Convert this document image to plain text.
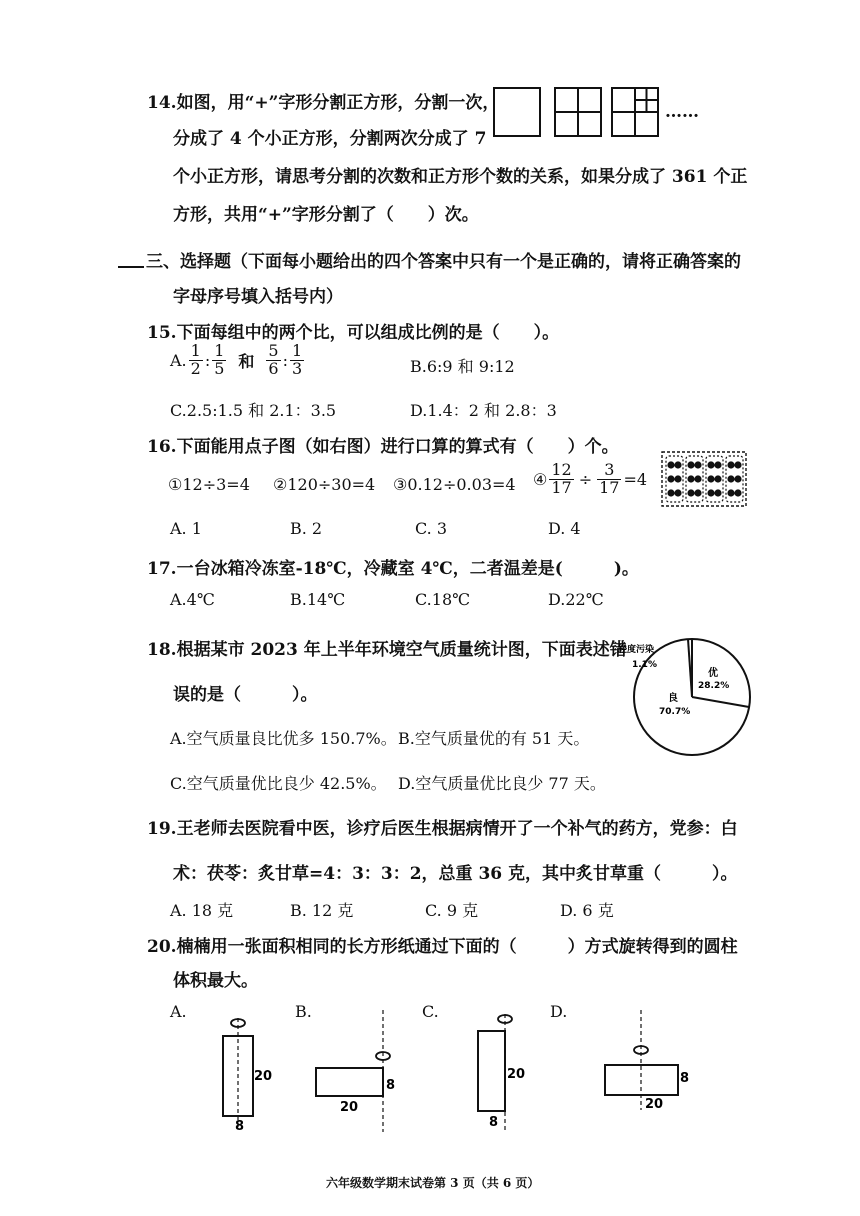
14.如图，用“+”字形分割正方形，分割一次，
分成了 4 个小正方形，分割两次分成了 7
个小正方形，请思考分割的次数和正方形个数的关系，如果分成了 361 个正
方形，共用“+”字形分割了（　　）次。
……
三、选择题（下面每小题给出的四个答案中只有一个是正确的，请将正确答案的
字母序号填入括号内）
15.下面每组中的两个比，可以组成比例的是（　　）。
A. $\frac{1}{2}$ : $\frac{1}{5}$ 和 $\frac{5}{6}$ : $\frac{1}{3}$	B.6:9 和 9:12
C.2.5:1.5 和 2.1：3.5	D.1.4：2 和 2.8：3
16.下面能用点子图（如右图）进行口算的算式有（　　）个。
①12÷3=4 ②120÷30=4 ③0.12÷0.03=4 ④ $\frac{12}{17} \div \frac{3}{17} =4$
A. 1	B. 2	C. 3	D. 4
17.一台冰箱冷冻室-18℃，冷藏室 4℃，二者温差是(　　　)。
A.4℃	B.14℃	C.18℃	D.22℃
18.根据某市 2023 年上半年环境空气质量统计图，下面表述错
误的是（　　　）。
A.空气质量良比优多 150.7%。 B.空气质量优的有 51 天。
C.空气质量优比良少 42.5%。 D.空气质量优比良少 77 天。
轻度污染
1.1%
优
28.2%
良
70.7%
19.王老师去医院看中医，诊疗后医生根据病情开了一个补气的药方，党参：白
术：茯苓：炙甘草=4：3：3：2，总重 36 克，其中炙甘草重（　　　）。
A. 18 克	B. 12 克	C. 9 克	D. 6 克
20.楠楠用一张面积相同的长方形纸通过下面的（　　　）方式旋转得到的圆柱
体积最大。
A.	B.	C.	D.
20
8
8
20
20
8
8
20
六年级数学期末试卷第 3 页（共 6 页）
